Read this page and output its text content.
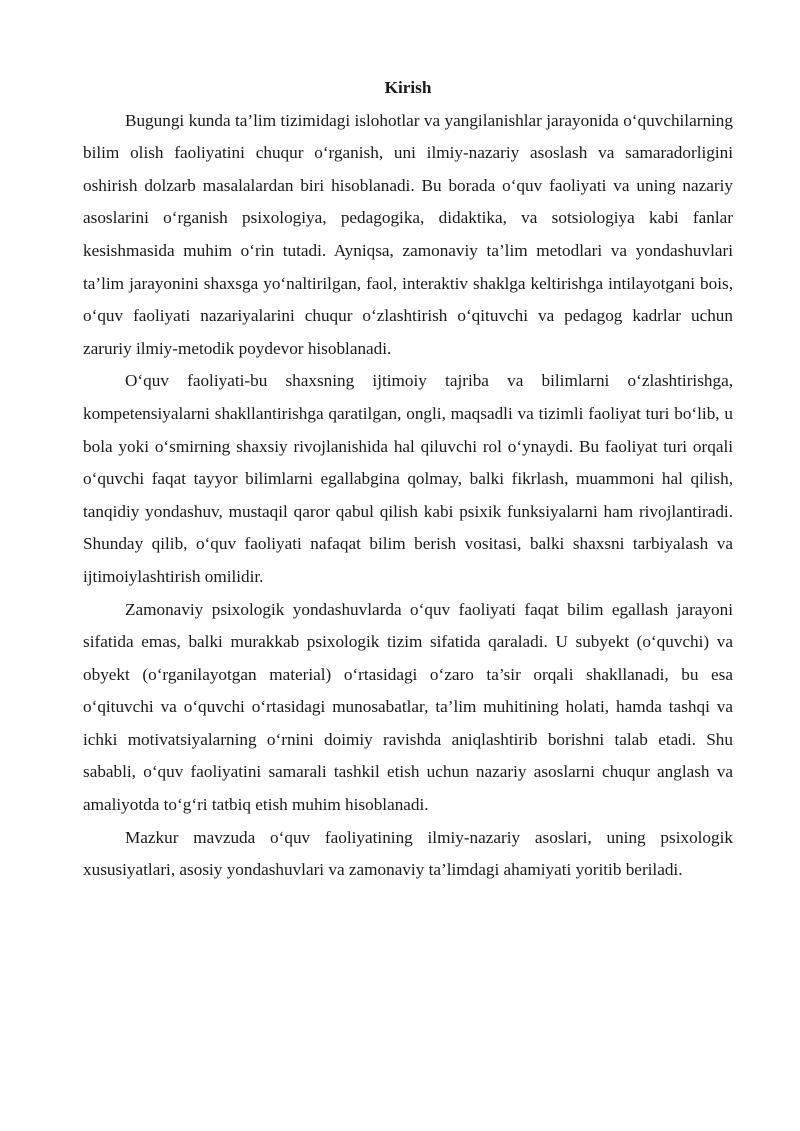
Kirish

Bugungi kunda ta’lim tizimidagi islohotlar va yangilanishlar jarayonida o‘quvchilarning bilim olish faoliyatini chuqur o‘rganish, uni ilmiy-nazariy asoslash va samaradorligini oshirish dolzarb masalalardan biri hisoblanadi. Bu borada o‘quv faoliyati va uning nazariy asoslarini o‘rganish psixologiya, pedagogika, didaktika, va sotsiologiya kabi fanlar kesishmasida muhim o‘rin tutadi. Ayniqsa, zamonaviy ta’lim metodlari va yondashuvlari ta’lim jarayonini shaxsga yo‘naltirilgan, faol, interaktiv shaklga keltirishga intilayotgani bois, o‘quv faoliyati nazariyalarini chuqur o‘zlashtirish o‘qituvchi va pedagog kadrlar uchun zaruriy ilmiy-metodik poydevor hisoblanadi.

O‘quv faoliyati-bu shaxsning ijtimoiy tajriba va bilimlarni o‘zlashtirishga, kompetensiyalarni shakllantirishga qaratilgan, ongli, maqsadli va tizimli faoliyat turi bo‘lib, u bola yoki o‘smirning shaxsiy rivojlanishida hal qiluvchi rol o‘ynaydi. Bu faoliyat turi orqali o‘quvchi faqat tayyor bilimlarni egallabgina qolmay, balki fikrlash, muammoni hal qilish, tanqidiy yondashuv, mustaqil qaror qabul qilish kabi psixik funksiyalarni ham rivojlantiradi. Shunday qilib, o‘quv faoliyati nafaqat bilim berish vositasi, balki shaxsni tarbiyalash va ijtimoiylashtirish omilidir.

Zamonaviy psixologik yondashuvlarda o‘quv faoliyati faqat bilim egallash jarayoni sifatida emas, balki murakkab psixologik tizim sifatida qaraladi. U subyekt (o‘quvchi) va obyekt (o‘rganilayotgan material) o‘rtasidagi o‘zaro ta’sir orqali shakllanadi, bu esa o‘qituvchi va o‘quvchi o‘rtasidagi munosabatlar, ta’lim muhitining holati, hamda tashqi va ichki motivatsiyalarning o‘rnini doimiy ravishda aniqlashtirib borishni talab etadi. Shu sababli, o‘quv faoliyatini samarali tashkil etish uchun nazariy asoslarni chuqur anglash va amaliyotda to‘g‘ri tatbiq etish muhim hisoblanadi.

Mazkur mavzuda o‘quv faoliyatining ilmiy-nazariy asoslari, uning psixologik xususiyatlari, asosiy yondashuvlari va zamonaviy ta’limdagi ahamiyati yoritib beriladi.
